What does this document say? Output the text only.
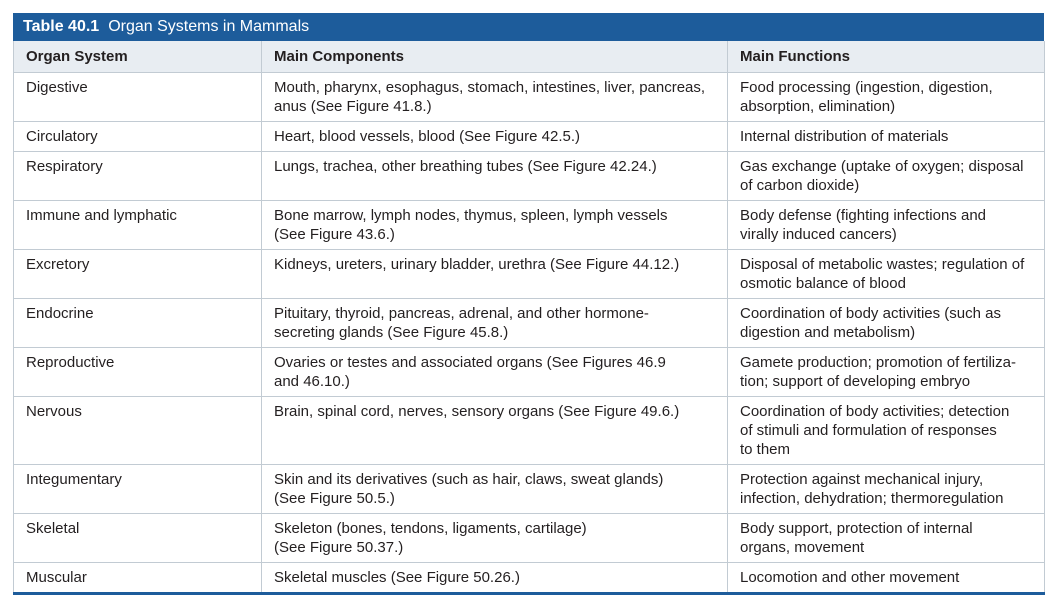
Table 40.1 Organ Systems in Mammals
Organ System	Main Components	Main Functions
Digestive	Mouth, pharynx, esophagus, stomach, intestines, liver, pancreas,
anus (See Figure 41.8.)	Food processing (ingestion, digestion,
absorption, elimination)
Circulatory	Heart, blood vessels, blood (See Figure 42.5.)	Internal distribution of materials
Respiratory	Lungs, trachea, other breathing tubes (See Figure 42.24.)	Gas exchange (uptake of oxygen; disposal
of carbon dioxide)
Immune and lymphatic	Bone marrow, lymph nodes, thymus, spleen, lymph vessels
(See Figure 43.6.)	Body defense (fighting infections and
virally induced cancers)
Excretory	Kidneys, ureters, urinary bladder, urethra (See Figure 44.12.)	Disposal of metabolic wastes; regulation of
osmotic balance of blood
Endocrine	Pituitary, thyroid, pancreas, adrenal, and other hormone-
secreting glands (See Figure 45.8.)	Coordination of body activities (such as
digestion and metabolism)
Reproductive	Ovaries or testes and associated organs (See Figures 46.9
and 46.10.)	Gamete production; promotion of fertiliza-
tion; support of developing embryo
Nervous	Brain, spinal cord, nerves, sensory organs (See Figure 49.6.)	Coordination of body activities; detection
of stimuli and formulation of responses
to them
Integumentary	Skin and its derivatives (such as hair, claws, sweat glands)
(See Figure 50.5.)	Protection against mechanical injury,
infection, dehydration; thermoregulation
Skeletal	Skeleton (bones, tendons, ligaments, cartilage)
(See Figure 50.37.)	Body support, protection of internal
organs, movement
Muscular	Skeletal muscles (See Figure 50.26.)	Locomotion and other movement
